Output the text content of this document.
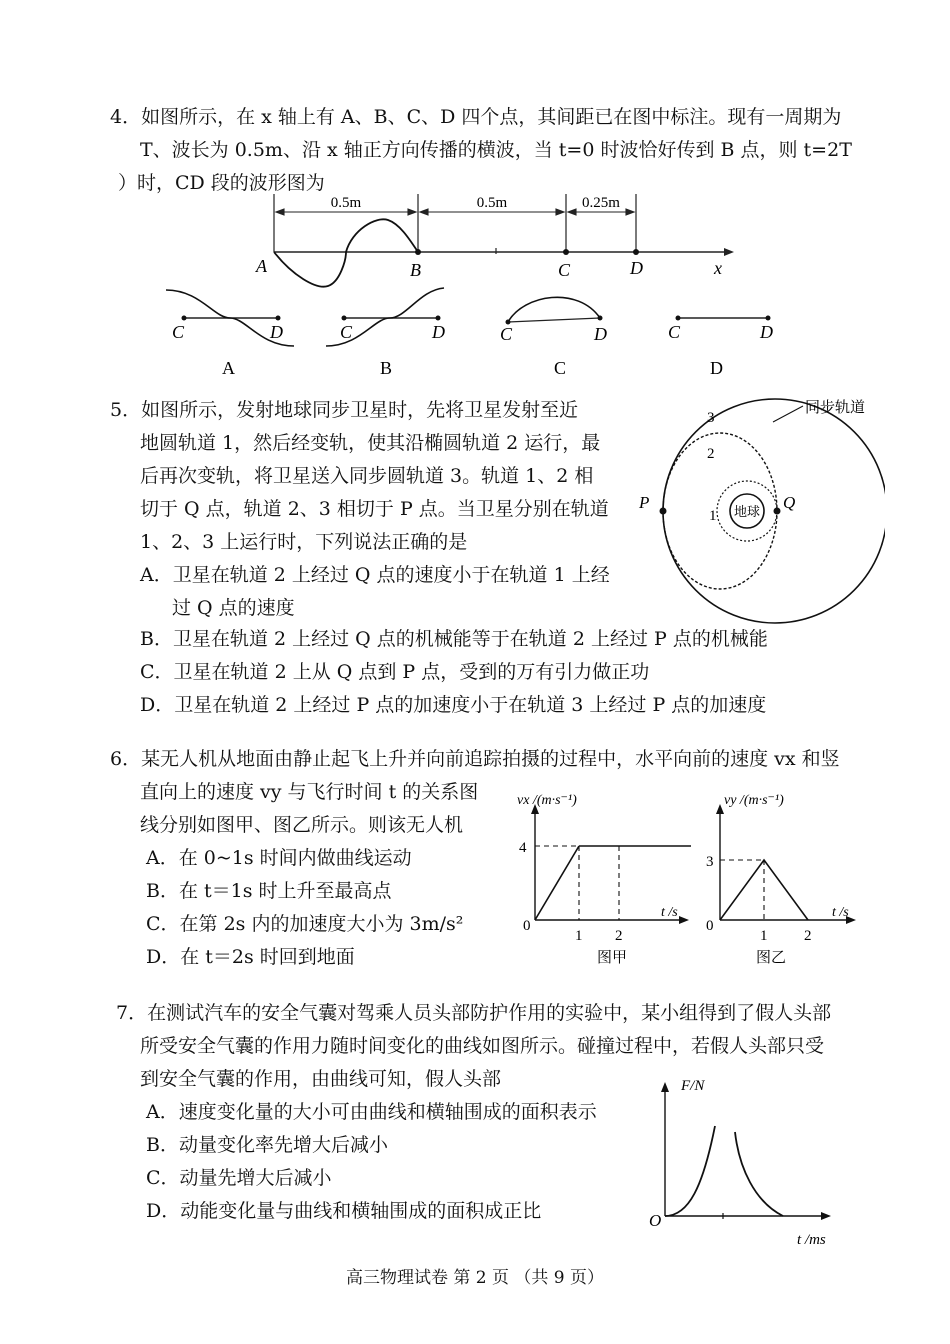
4．如图所示，在 x 轴上有 A、B、C、D 四个点，其间距已在图中标注。现有一周期为
T、波长为 0.5m、沿 x 轴正方向传播的横波，当 t=0 时波恰好传到 B 点，则 t=2T
）时，CD 段的波形图为
0.5m	0.5m	0.25m
A	B	C	D	x
C	D
A
C	D
B
C	D
C
C	D
D
5．如图所示，发射地球同步卫星时，先将卫星发射至近
地圆轨道 1，然后经变轨，使其沿椭圆轨道 2 运行，最
后再次变轨，将卫星送入同步圆轨道 3。轨道 1、2 相
切于 Q 点，轨道 2、3 相切于 P 点。当卫星分别在轨道
1、2、3 上运行时，下列说法正确的是
A．卫星在轨道 2 上经过 Q 点的速度小于在轨道 1 上经
过 Q 点的速度
B．卫星在轨道 2 上经过 Q 点的机械能等于在轨道 2 上经过 P 点的机械能
C．卫星在轨道 2 上从 Q 点到 P 点，受到的万有引力做正功
D．卫星在轨道 2 上经过 P 点的加速度小于在轨道 3 上经过 P 点的加速度
地球
P	Q
1
2
3
同步轨道
6．某无人机从地面由静止起飞上升并向前追踪拍摄的过程中，水平向前的速度 vx 和竖
直向上的速度 vy 与飞行时间 t 的关系图
线分别如图甲、图乙所示。则该无人机
A．在 0~1s 时间内做曲线运动
B．在 t＝1s 时上升至最高点
C．在第 2s 内的加速度大小为 3m/s²
D．在 t＝2s 时回到地面
vx /(m·s⁻¹)
4
0
1 2
t /s
图甲
vy /(m·s⁻¹)
3
0
1 2
t /s
图乙
7．在测试汽车的安全气囊对驾乘人员头部防护作用的实验中，某小组得到了假人头部
所受安全气囊的作用力随时间变化的曲线如图所示。碰撞过程中，若假人头部只受
到安全气囊的作用，由曲线可知，假人头部
A．速度变化量的大小可由曲线和横轴围成的面积表示
B．动量变化率先增大后减小
C．动量先增大后减小
D．动能变化量与曲线和横轴围成的面积成正比
F/N
O
t /ms
高三物理试卷 第 2 页 （共 9 页）
